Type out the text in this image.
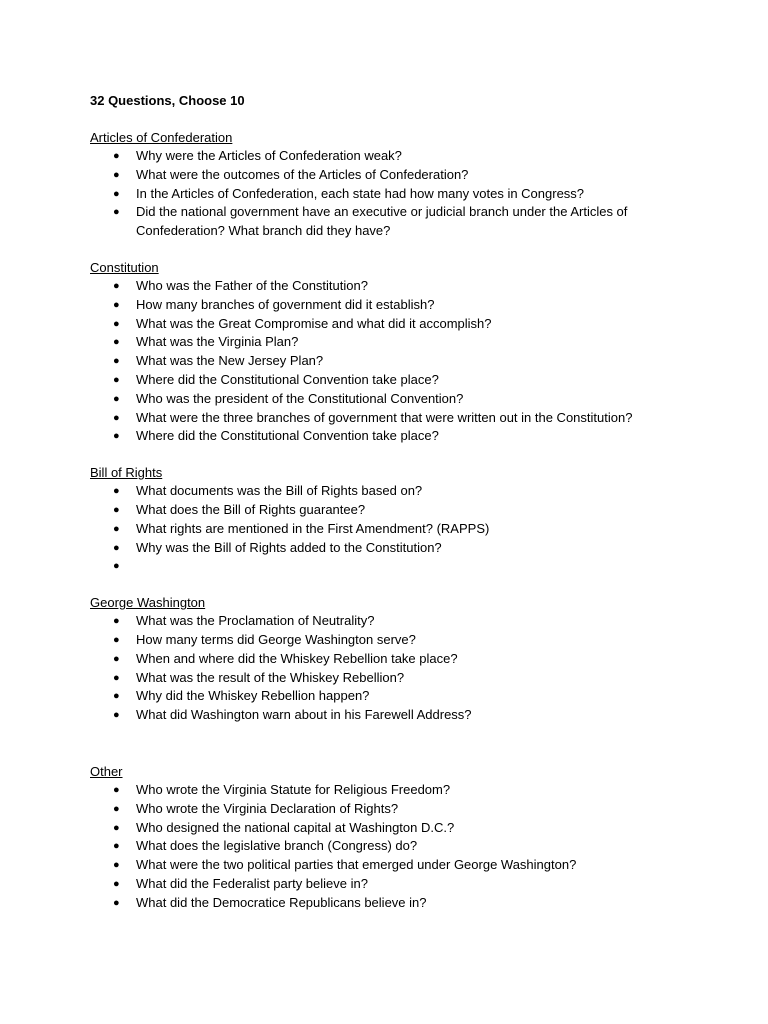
32 Questions, Choose 10
Articles of Confederation
● Why were the Articles of Confederation weak?
● What were the outcomes of the Articles of Confederation?
● In the Articles of Confederation, each state had how many votes in Congress?
● Did the national government have an executive or judicial branch under the Articles of Confederation? What branch did they have?
Constitution
● Who was the Father of the Constitution?
● How many branches of government did it establish?
● What was the Great Compromise and what did it accomplish?
● What was the Virginia Plan?
● What was the New Jersey Plan?
● Where did the Constitutional Convention take place?
● Who was the president of the Constitutional Convention?
● What were the three branches of government that were written out in the Constitution?
● Where did the Constitutional Convention take place?
Bill of Rights
● What documents was the Bill of Rights based on?
● What does the Bill of Rights guarantee?
● What rights are mentioned in the First Amendment? (RAPPS)
● Why was the Bill of Rights added to the Constitution?
●

George Washington
● What was the Proclamation of Neutrality?
● How many terms did George Washington serve?
● When and where did the Whiskey Rebellion take place?
● What was the result of the Whiskey Rebellion?
● Why did the Whiskey Rebellion happen?
● What did Washington warn about in his Farewell Address?
Other
● Who wrote the Virginia Statute for Religious Freedom?
● Who wrote the Virginia Declaration of Rights?
● Who designed the national capital at Washington D.C.?
● What does the legislative branch (Congress) do?
● What were the two political parties that emerged under George Washington?
● What did the Federalist party believe in?
● What did the Democratice Republicans believe in?
